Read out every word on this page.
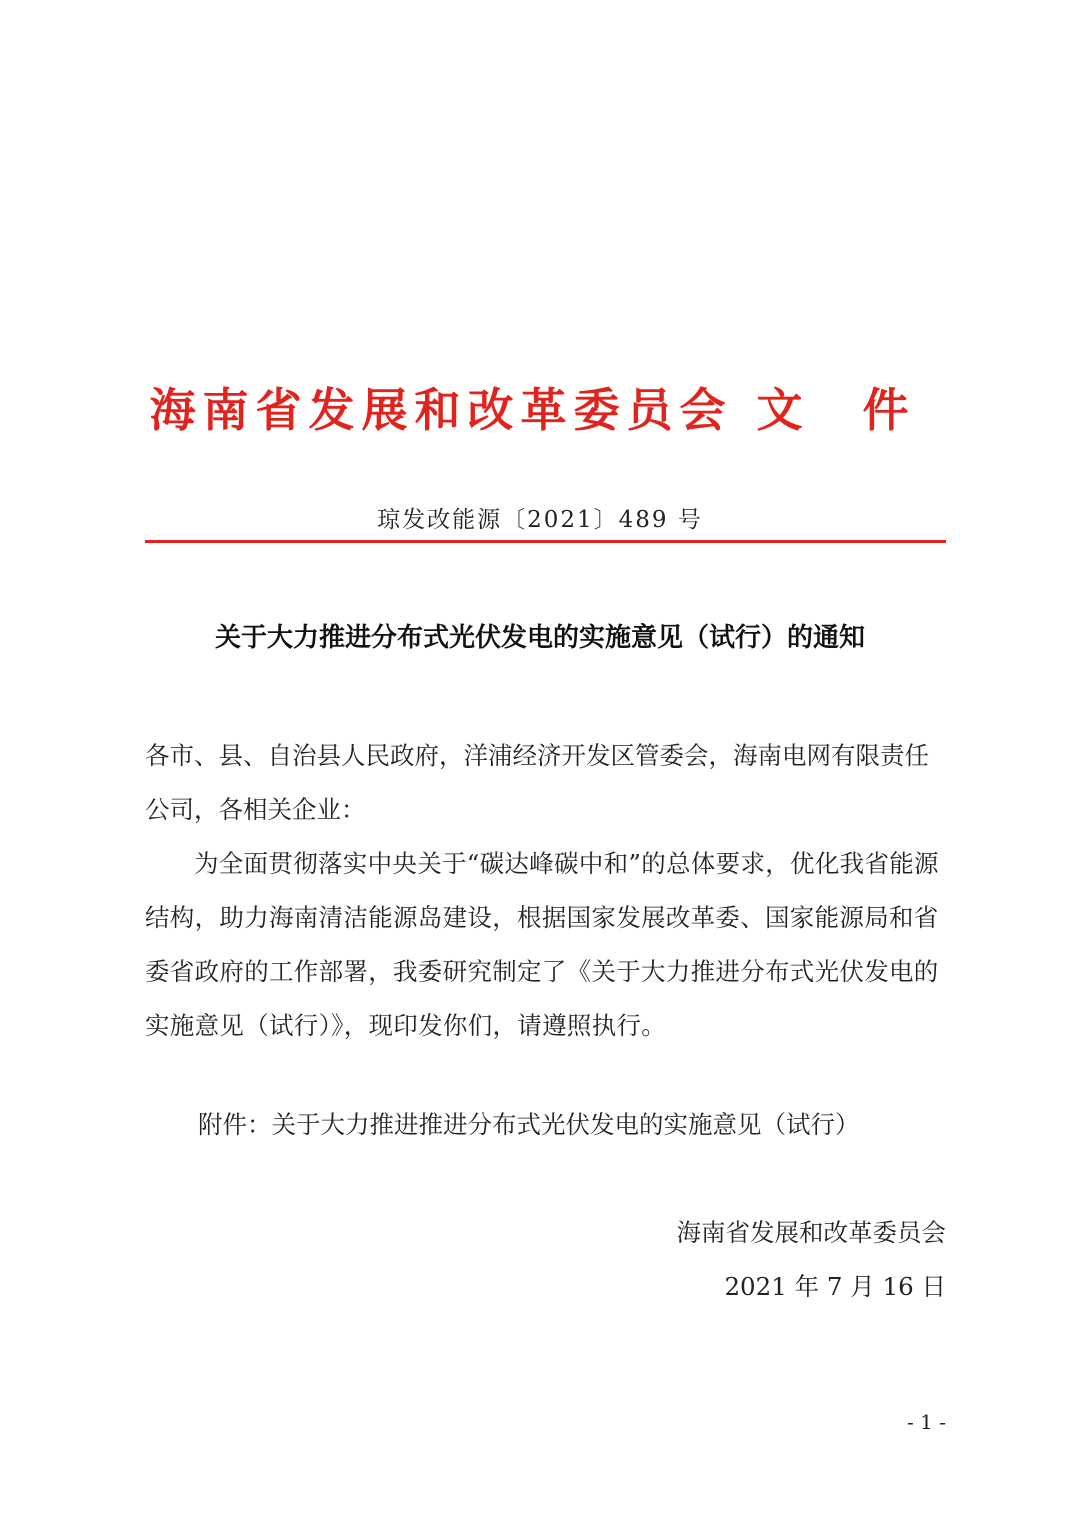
海南省发展和改革委员会 文 件
琼发改能源〔2021〕489 号
关于大力推进分布式光伏发电的实施意见（试行）的通知
各市、县、自治县人民政府，洋浦经济开发区管委会，海南电网有限责任公司，各相关企业：
为全面贯彻落实中央关于“碳达峰碳中和”的总体要求，优化我省能源结构，助力海南清洁能源岛建设，根据国家发展改革委、国家能源局和省委省政府的工作部署，我委研究制定了《关于大力推进分布式光伏发电的实施意见（试行）》，现印发你们，请遵照执行。
附件：关于大力推进推进分布式光伏发电的实施意见（试行）
海南省发展和改革委员会
2021 年 7 月 16 日
- 1 -
